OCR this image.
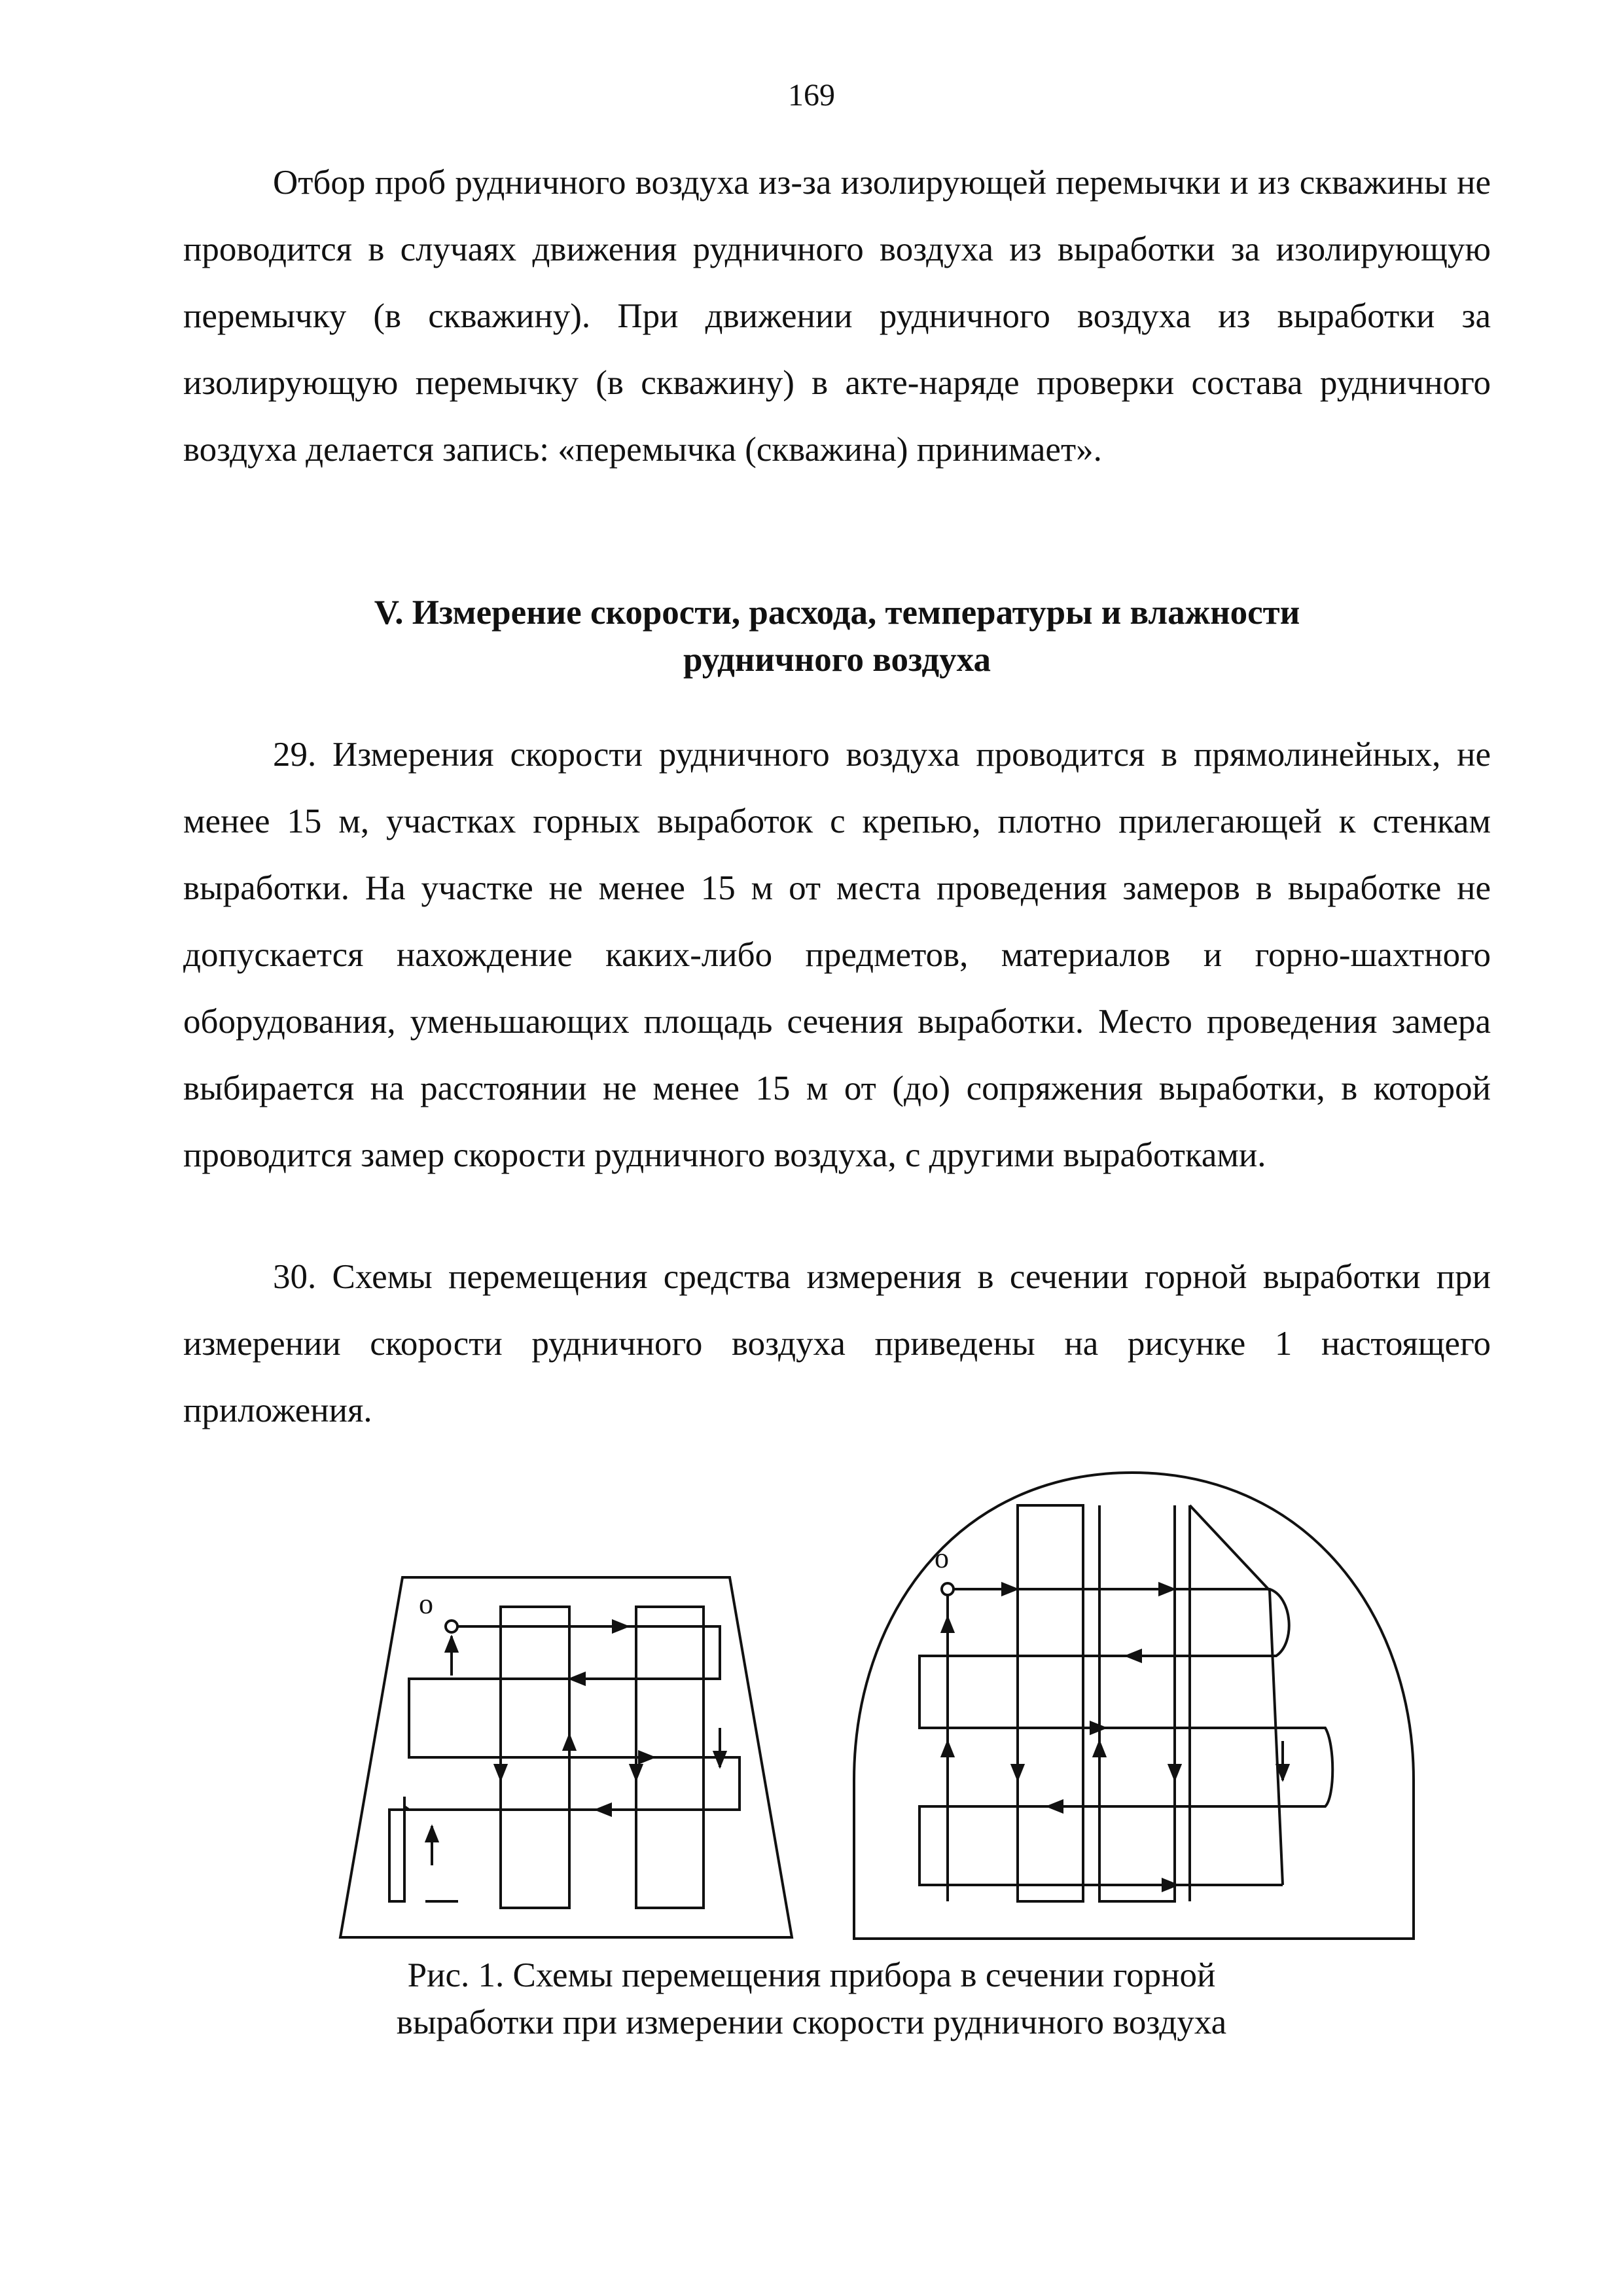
169

Отбор проб рудничного воздуха из-за изолирующей перемычки и из скважины не проводится в случаях движения рудничного воздуха из выработки за изолирующую перемычку (в скважину). При движении рудничного воздуха из выработки за изолирующую перемычку (в скважину) в акте-наряде проверки состава рудничного воздуха делается запись: «перемычка (скважина) принимает».

V. Измерение скорости, расхода, температуры и влажности
рудничного воздуха

29. Измерения скорости рудничного воздуха проводится в прямолинейных, не менее 15 м, участках горных выработок с крепью, плотно прилегающей к стенкам выработки. На участке не менее 15 м от места проведения замеров в выработке не допускается нахождение каких-либо предметов, материалов и горно-шахтного оборудования, уменьшающих площадь сечения выработки. Место проведения замера выбирается на расстоянии не менее 15 м от (до) сопряжения выработки, в которой проводится замер скорости рудничного воздуха, с другими выработками.

30. Схемы перемещения средства измерения в сечении горной выработки при измерении скорости рудничного воздуха приведены на рисунке 1 настоящего приложения.

o
o
Рис. 1. Схемы перемещения прибора в сечении горной
выработки при измерении скорости рудничного воздуха
